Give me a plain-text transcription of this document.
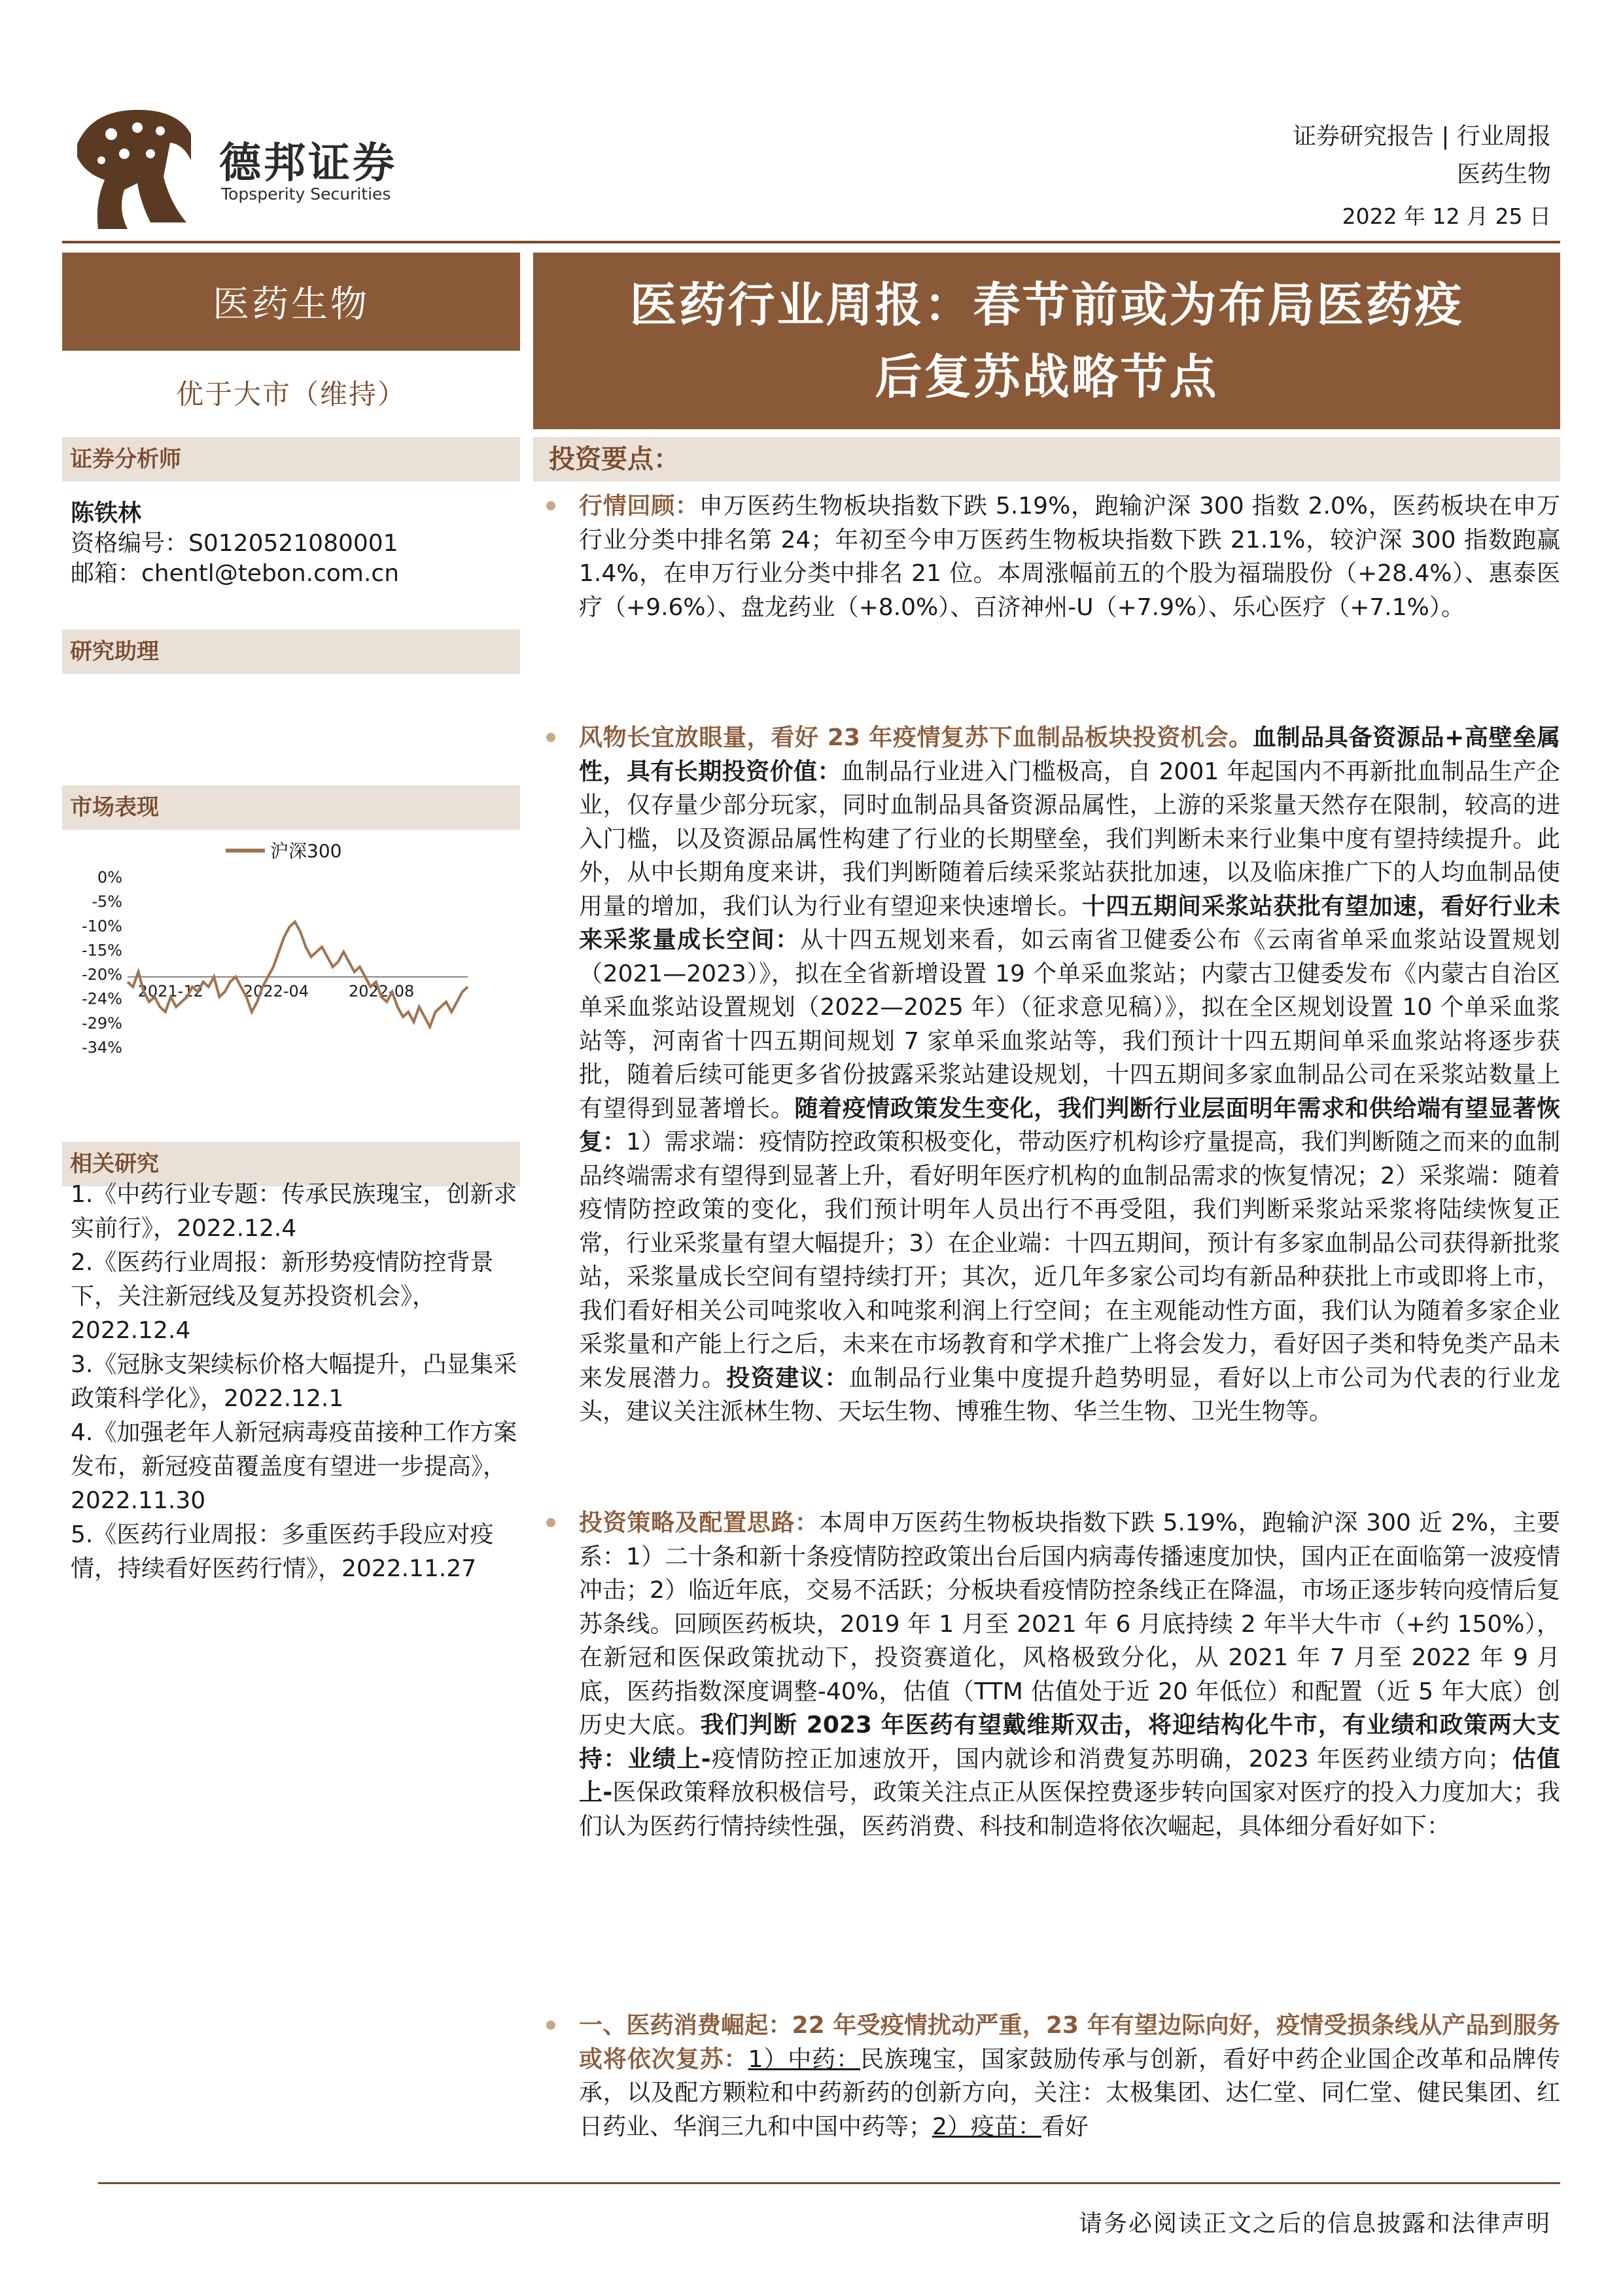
德邦证券
Topsperity Securities
证券研究报告 | 行业周报
医药生物
2022 年 12 月 25 日
医药生物
优于大市（维持）
证券分析师
陈铁林
资格编号：S0120521080001
邮箱：chentl@tebon.com.cn
研究助理
市场表现
沪深300
0%
-5%
-10%
-15%
-20%
-24%
-29%
-34%
2021-12	2022-04	2022-08
相关研究
1.《中药行业专题：传承民族瑰宝，创新求实前行》，2022.12.4
2.《医药行业周报：新形势疫情防控背景下，关注新冠线及复苏投资机会》，2022.12.4
3.《冠脉支架续标价格大幅提升，凸显集采政策科学化》，2022.12.1
4.《加强老年人新冠病毒疫苗接种工作方案发布，新冠疫苗覆盖度有望进一步提高》，2022.11.30
5.《医药行业周报：多重医药手段应对疫情，持续看好医药行情》，2022.11.27
医药行业周报：春节前或为布局医药疫
后复苏战略节点
投资要点：
行情回顾：申万医药生物板块指数下跌 5.19%，跑输沪深 300 指数 2.0%，医药板块在申万行业分类中排名第 24；年初至今申万医药生物板块指数下跌 21.1%，较沪深 300 指数跑赢 1.4%，在申万行业分类中排名 21 位。本周涨幅前五的个股为福瑞股份（+28.4%）、惠泰医疗（+9.6%）、盘龙药业（+8.0%）、百济神州-U（+7.9%）、乐心医疗（+7.1%）。
风物长宜放眼量，看好 23 年疫情复苏下血制品板块投资机会。血制品具备资源品+高壁垒属性，具有长期投资价值：血制品行业进入门槛极高，自 2001 年起国内不再新批血制品生产企业，仅存量少部分玩家，同时血制品具备资源品属性，上游的采浆量天然存在限制，较高的进入门槛，以及资源品属性构建了行业的长期壁垒，我们判断未来行业集中度有望持续提升。此外，从中长期角度来讲，我们判断随着后续采浆站获批加速，以及临床推广下的人均血制品使用量的增加，我们认为行业有望迎来快速增长。十四五期间采浆站获批有望加速，看好行业未来采浆量成长空间：从十四五规划来看，如云南省卫健委公布《云南省单采血浆站设置规划（2021—2023）》，拟在全省新增设置 19 个单采血浆站；内蒙古卫健委发布《内蒙古自治区单采血浆站设置规划（2022—2025 年）（征求意见稿）》，拟在全区规划设置 10 个单采血浆站等，河南省十四五期间规划 7 家单采血浆站等，我们预计十四五期间单采血浆站将逐步获批，随着后续可能更多省份披露采浆站建设规划，十四五期间多家血制品公司在采浆站数量上有望得到显著增长。随着疫情政策发生变化，我们判断行业层面明年需求和供给端有望显著恢复：1）需求端：疫情防控政策积极变化，带动医疗机构诊疗量提高，我们判断随之而来的血制品终端需求有望得到显著上升，看好明年医疗机构的血制品需求的恢复情况；2）采浆端：随着疫情防控政策的变化，我们预计明年人员出行不再受阻，我们判断采浆站采浆将陆续恢复正常，行业采浆量有望大幅提升；3）在企业端：十四五期间，预计有多家血制品公司获得新批浆站，采浆量成长空间有望持续打开；其次，近几年多家公司均有新品种获批上市或即将上市，我们看好相关公司吨浆收入和吨浆利润上行空间；在主观能动性方面，我们认为随着多家企业采浆量和产能上行之后，未来在市场教育和学术推广上将会发力，看好因子类和特免类产品未来发展潜力。投资建议：血制品行业集中度提升趋势明显，看好以上市公司为代表的行业龙头，建议关注派林生物、天坛生物、博雅生物、华兰生物、卫光生物等。
投资策略及配置思路：本周申万医药生物板块指数下跌 5.19%，跑输沪深 300 近 2%，主要系：1）二十条和新十条疫情防控政策出台后国内病毒传播速度加快，国内正在面临第一波疫情冲击；2）临近年底，交易不活跃；分板块看疫情防控条线正在降温，市场正逐步转向疫情后复苏条线。回顾医药板块，2019 年 1 月至 2021 年 6 月底持续 2 年半大牛市（+约 150%），在新冠和医保政策扰动下，投资赛道化，风格极致分化，从 2021 年 7 月至 2022 年 9 月底，医药指数深度调整-40%，估值（TTM 估值处于近 20 年低位）和配置（近 5 年大底）创历史大底。我们判断 2023 年医药有望戴维斯双击，将迎结构化牛市，有业绩和政策两大支持：业绩上-疫情防控正加速放开，国内就诊和消费复苏明确，2023 年医药业绩方向；估值上-医保政策释放积极信号，政策关注点正从医保控费逐步转向国家对医疗的投入力度加大；我们认为医药行情持续性强，医药消费、科技和制造将依次崛起，具体细分看好如下：
一、医药消费崛起：22 年受疫情扰动严重，23 年有望边际向好，疫情受损条线从产品到服务或将依次复苏：1）中药：民族瑰宝，国家鼓励传承与创新，看好中药企业国企改革和品牌传承，以及配方颗粒和中药新药的创新方向，关注：太极集团、达仁堂、同仁堂、健民集团、红日药业、华润三九和中国中药等；2）疫苗：看好
请务必阅读正文之后的信息披露和法律声明
